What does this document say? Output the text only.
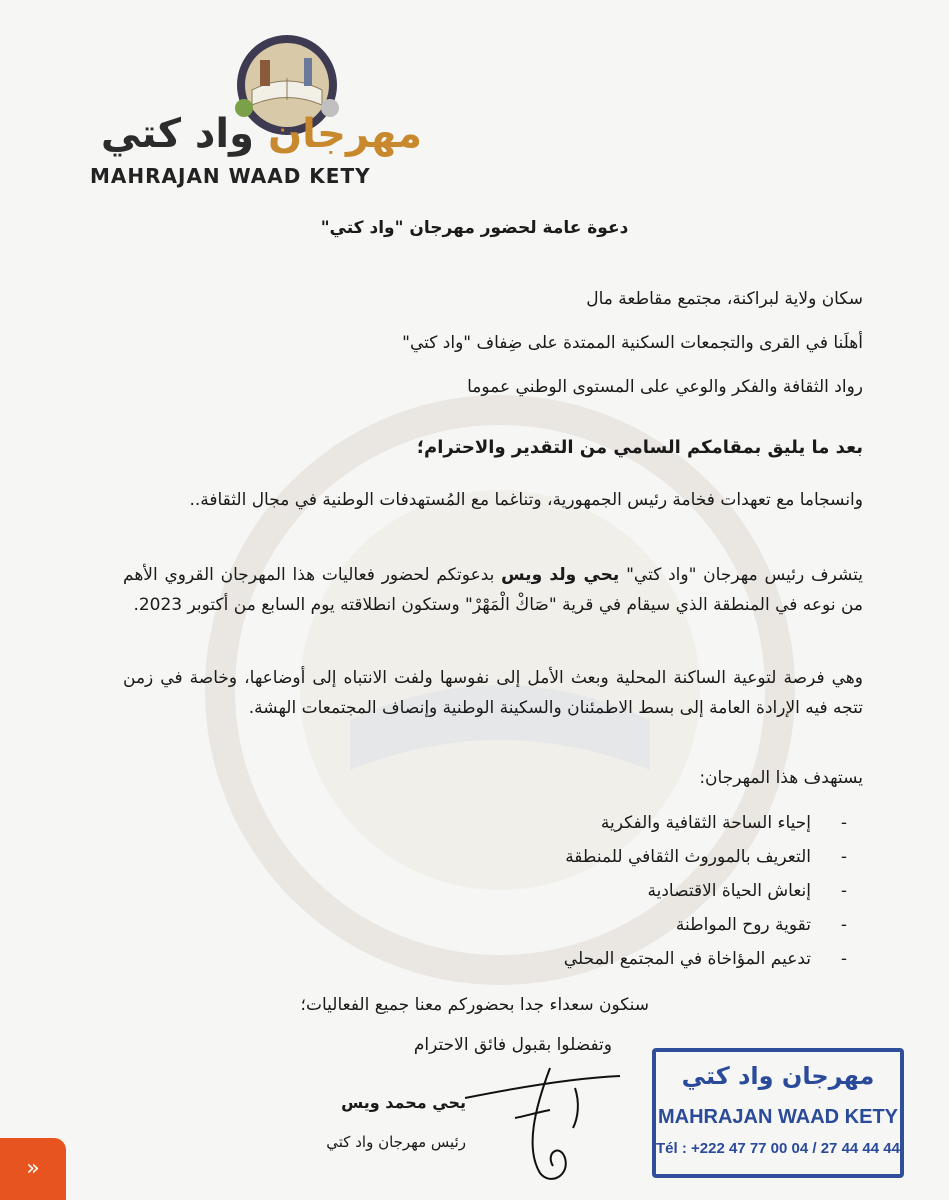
مهرجان واد كتي
MAHRAJAN WAAD KETY
دعوة عامة لحضور مهرجان "واد كتي"
سكان ولاية لبراكنة، مجتمع مقاطعة مال
أهلَنا في القرى والتجمعات السكنية الممتدة على ضِفاف "واد كتي"
رواد الثقافة والفكر والوعي على المستوى الوطني عموما
بعد ما يليق بمقامكم السامي من التقدير والاحترام؛
وانسجاما مع تعهدات فخامة رئيس الجمهورية، وتناغما مع المُستهدفات الوطنية في مجال الثقافة..
يتشرف رئيس مهرجان "واد كتي" يحي ولد ويس بدعوتكم لحضور فعاليات هذا المهرجان القروي الأهم من نوعه في المنطقة الذي سيقام في قرية "صَاكْ الْمَهْرْ" وستكون انطلاقته يوم السابع من أكتوبر 2023.
وهي فرصة لتوعية الساكنة المحلية وبعث الأمل إلى نفوسها ولفت الانتباه إلى أوضاعها، وخاصة في زمن تتجه فيه الإرادة العامة إلى بسط الاطمئنان والسكينة الوطنية وإنصاف المجتمعات الهشة.
يستهدف هذا المهرجان:
-إحياء الساحة الثقافية والفكرية
-التعريف بالموروث الثقافي للمنطقة
-إنعاش الحياة الاقتصادية
-تقوية روح المواطنة
-تدعيم المؤاخاة في المجتمع المحلي
سنكون سعداء جدا بحضوركم معنا جميع الفعاليات؛
وتفضلوا بقبول فائق الاحترام
يحي محمد ويس
رئيس مهرجان واد كتي
مهرجان واد كتي
MAHRAJAN WAAD KETY
Tél : +222 47 77 00 04 / 27 44 44 44
»
